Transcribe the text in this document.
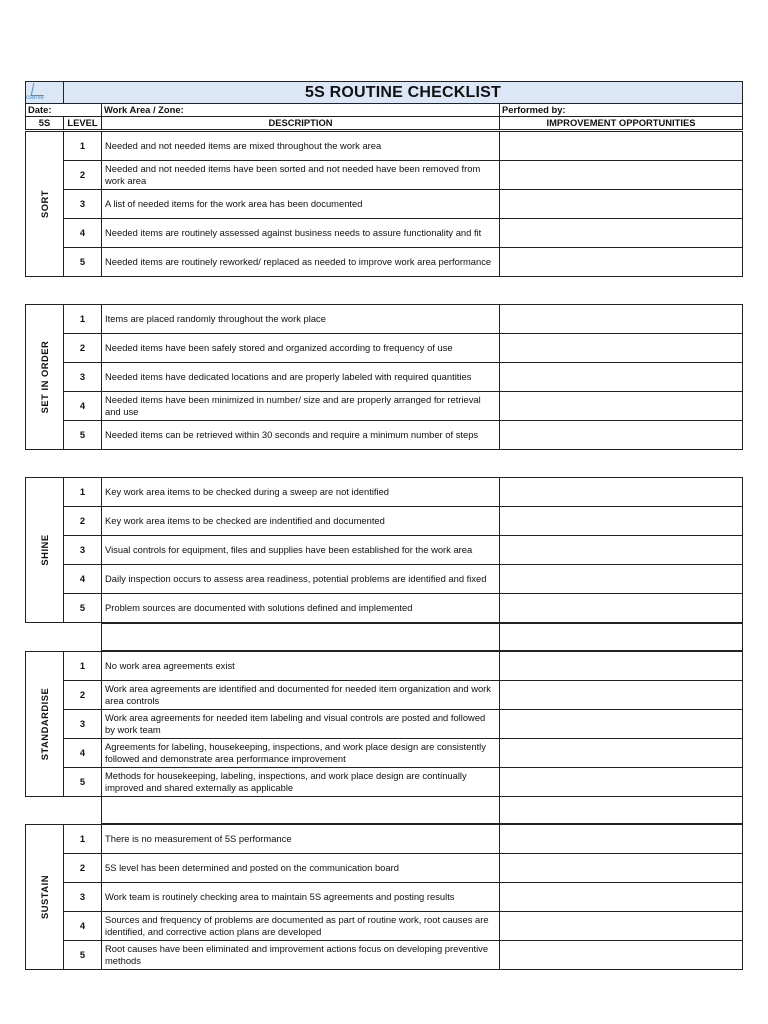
cserve	5S ROUTINE CHECKLIST		
Date:		Work Area / Zone:	Performed by:
5S	LEVEL	DESCRIPTION	IMPROVEMENT OPPORTUNITIES
SORT	1	Needed and not needed items are mixed throughout the work area	
	2	Needed and not needed items have been sorted and not needed have been removed from work area	
	3	A list of needed items for the work area has been documented	
	4	Needed items are routinely assessed against business needs to assure functionality and fit	
	5	Needed items are routinely reworked/ replaced as needed to improve work area performance	
SET IN ORDER	1	Items are placed randomly throughout the work place	
	2	Needed items have been safely stored and organized according to frequency of use	
	3	Needed items have dedicated locations and are properly labeled with required quantities	
	4	Needed items have been minimized in number/ size and are properly arranged for retrieval and use	
	5	Needed items can be retrieved within 30 seconds and require a minimum number of steps	
SHINE	1	Key work area items to be checked during a sweep are not identified	
	2	Key work area items to be checked are indentified and documented	
	3	Visual controls for equipment, files and supplies have been established for the work area	
	4	Daily inspection occurs to assess area readiness, potential problems are identified and fixed	
	5	Problem sources are documented with solutions defined and implemented	

STANDARDISE	1	No work area agreements exist	
	2	Work area agreements are identified and documented for needed item organization and work area controls	
	3	Work area agreements for needed item labeling and visual controls are posted and followed by work team	
	4	Agreements for labeling, housekeeping, inspections, and work place design are consistently followed and demonstrate area performance improvement	
	5	Methods for housekeeping, labeling, inspections, and work place design are continually improved and shared externally as applicable	

SUSTAIN	1	There is no measurement of 5S performance	
	2	5S level has been determined and posted on the communication board	
	3	Work team is routinely checking area to maintain 5S agreements and posting results	
	4	Sources and frequency of problems are documented as part of routine work, root causes are identified, and corrective action plans are developed	
	5	Root causes have been eliminated and improvement actions focus on developing preventive methods	
